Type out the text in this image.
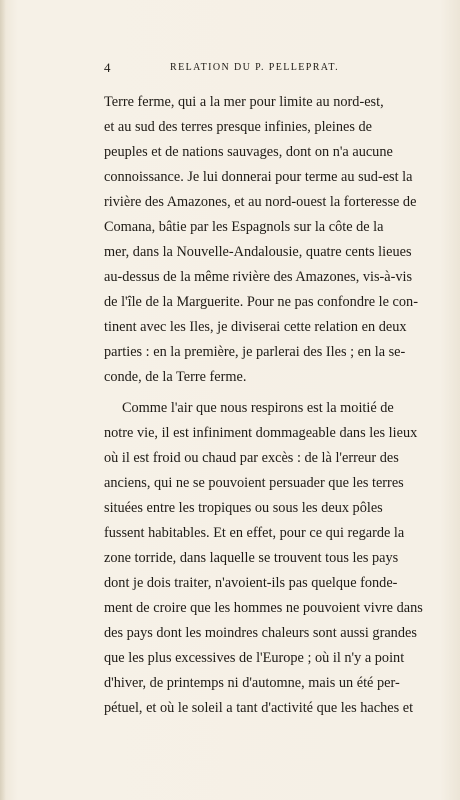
4	RELATION DU P. PELLEPRAT.
Terre ferme, qui a la mer pour limite au nord-est,
et au sud des terres presque infinies, pleines de
peuples et de nations sauvages, dont on n'a aucune
connoissance. Je lui donnerai pour terme au sud-est la
rivière des Amazones, et au nord-ouest la forteresse de
Comana, bâtie par les Espagnols sur la côte de la
mer, dans la Nouvelle-Andalousie, quatre cents lieues
au-dessus de la même rivière des Amazones, vis-à-vis
de l'île de la Marguerite. Pour ne pas confondre le con-
tinent avec les Iles, je diviserai cette relation en deux
parties : en la première, je parlerai des Iles ; en la se-
conde, de la Terre ferme.
Comme l'air que nous respirons est la moitié de
notre vie, il est infiniment dommageable dans les lieux
où il est froid ou chaud par excès : de là l'erreur des
anciens, qui ne se pouvoient persuader que les terres
situées entre les tropiques ou sous les deux pôles
fussent habitables. Et en effet, pour ce qui regarde la
zone torride, dans laquelle se trouvent tous les pays
dont je dois traiter, n'avoient-ils pas quelque fonde-
ment de croire que les hommes ne pouvoient vivre dans
des pays dont les moindres chaleurs sont aussi grandes
que les plus excessives de l'Europe ; où il n'y a point
d'hiver, de printemps ni d'automne, mais un été per-
pétuel, et où le soleil a tant d'activité que les haches et
